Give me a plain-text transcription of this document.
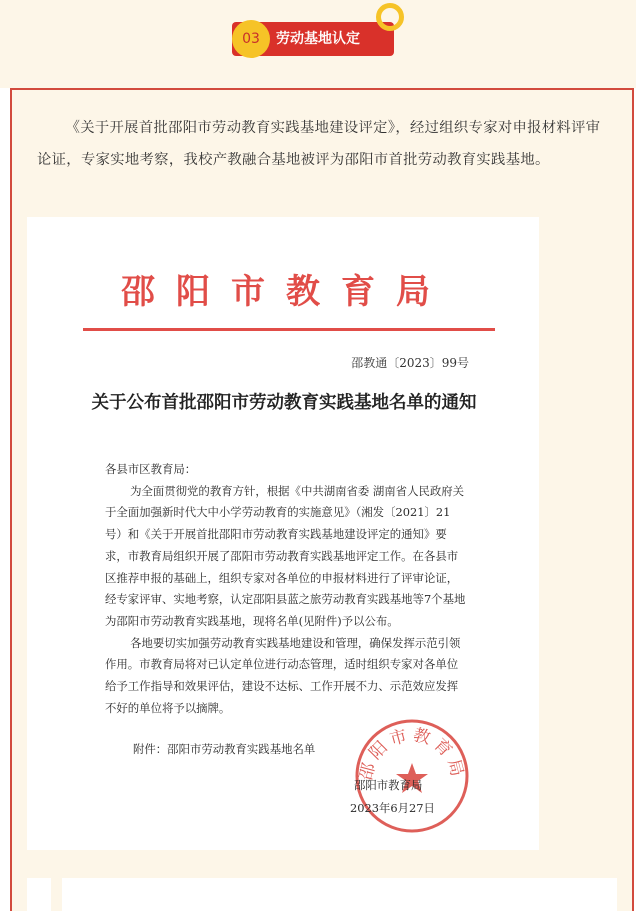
03	劳动基地认定

《关于开展首批邵阳市劳动教育实践基地建设评定》，经过组织专家对申报材料评审论证，专家实地考察，我校产教融合基地被评为邵阳市首批劳动教育实践基地。

邵阳市教育局
邵教通〔2023〕99号

关于公布首批邵阳市劳动教育实践基地名单的通知

各县市区教育局：

为全面贯彻党的教育方针，根据《中共湖南省委 湖南省人民政府关于全面加强新时代大中小学劳动教育的实施意见》（湘发〔2021〕21号）和《关于开展首批邵阳市劳动教育实践基地建设评定的通知》要求，市教育局组织开展了邵阳市劳动教育实践基地评定工作。在各县市区推荐申报的基础上，组织专家对各单位的申报材料进行了评审论证，经专家评审、实地考察，认定邵阳县蓝之旅劳动教育实践基地等7个基地为邵阳市劳动教育实践基地，现将名单(见附件)予以公布。

各地要切实加强劳动教育实践基地建设和管理，确保发挥示范引领作用。市教育局将对已认定单位进行动态管理，适时组织专家对各单位给予工作指导和效果评估，建设不达标、工作开展不力、示范效应发挥不好的单位将予以摘牌。

附件：邵阳市劳动教育实践基地名单
邵阳市教育局
邵阳市教育局
2023年6月27日
